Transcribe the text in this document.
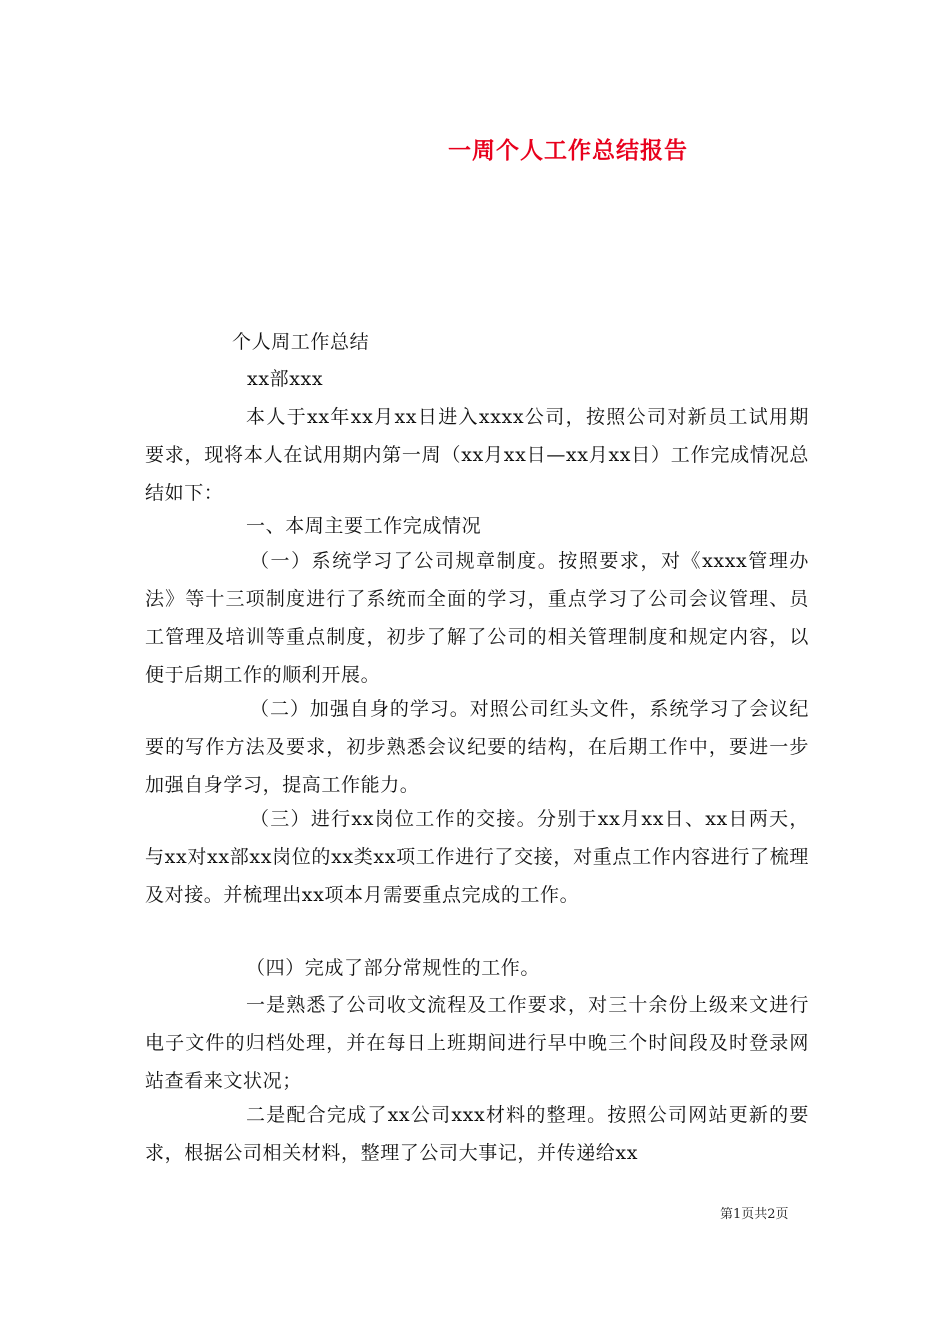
一周个人工作总结报告
个人周工作总结
xx部xxx
本人于xx年xx月xx日进入xxxx公司，按照公司对新员工试用期要求，现将本人在试用期内第一周（xx月xx日—xx月xx日）工作完成情况总结如下：
一、本周主要工作完成情况
（一）系统学习了公司规章制度。按照要求，对《xxxx管理办法》等十三项制度进行了系统而全面的学习，重点学习了公司会议管理、员工管理及培训等重点制度，初步了解了公司的相关管理制度和规定内容，以便于后期工作的顺利开展。
（二）加强自身的学习。对照公司红头文件，系统学习了会议纪要的写作方法及要求，初步熟悉会议纪要的结构，在后期工作中，要进一步加强自身学习，提高工作能力。
（三）进行xx岗位工作的交接。分别于xx月xx日、xx日两天，与xx对xx部xx岗位的xx类xx项工作进行了交接，对重点工作内容进行了梳理及对接。并梳理出xx项本月需要重点完成的工作。
（四）完成了部分常规性的工作。
一是熟悉了公司收文流程及工作要求，对三十余份上级来文进行电子文件的归档处理，并在每日上班期间进行早中晚三个时间段及时登录网站查看来文状况；
二是配合完成了xx公司xxx材料的整理。按照公司网站更新的要求，根据公司相关材料，整理了公司大事记，并传递给xx
第1页共2页
